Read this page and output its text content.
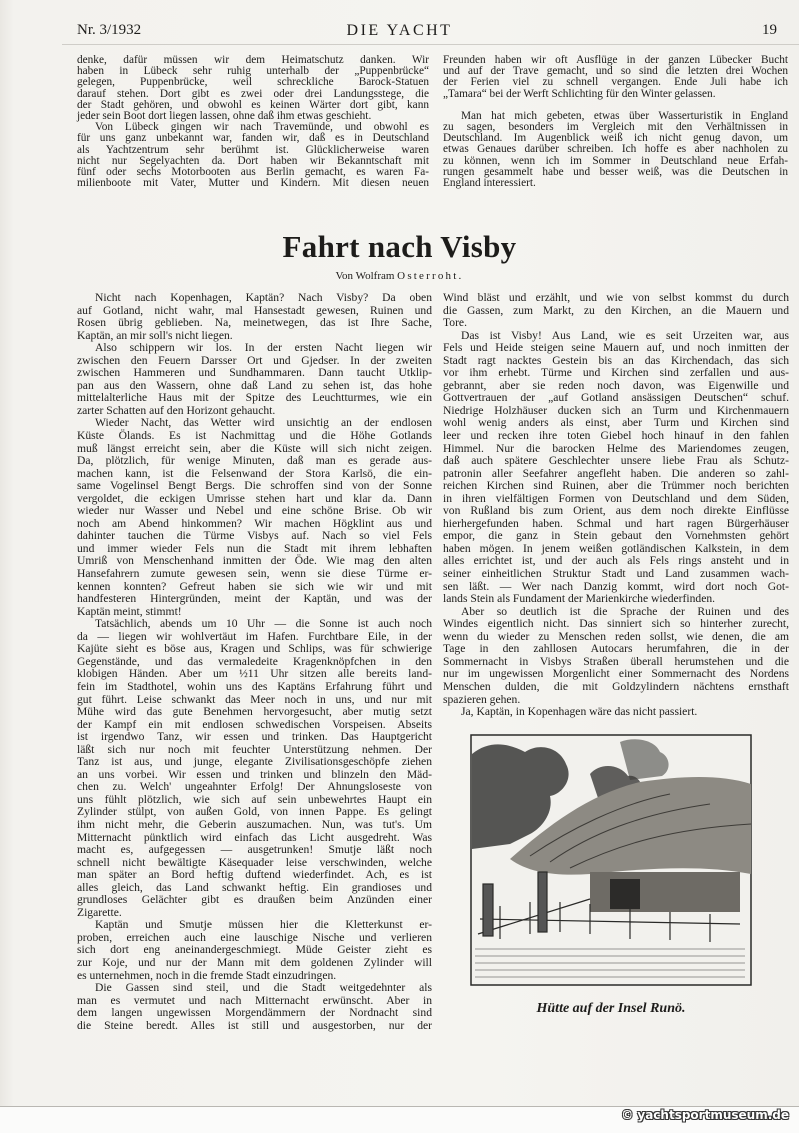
Nr. 3/1932	DIE YACHT	19

denke, dafür müssen wir dem Heimatschutz danken. Wir
haben in Lübeck sehr ruhig unterhalb der „Puppenbrücke“
gelegen, Puppenbrücke, weil schreckliche Barock-Statuen
darauf stehen. Dort gibt es zwei oder drei Landungsstege, die
der Stadt gehören, und obwohl es keinen Wärter dort gibt, kann
jeder sein Boot dort liegen lassen, ohne daß ihm etwas geschieht.

Von Lübeck gingen wir nach Travemünde, und obwohl es
für uns ganz unbekannt war, fanden wir, daß es in Deutschland
als Yachtzentrum sehr berühmt ist. Glücklicherweise waren
nicht nur Segelyachten da. Dort haben wir Bekanntschaft mit
fünf oder sechs Motorbooten aus Berlin gemacht, es waren Fa-
milienboote mit Vater, Mutter und Kindern. Mit diesen neuen

Freunden haben wir oft Ausflüge in der ganzen Lübecker Bucht
und auf der Trave gemacht, und so sind die letzten drei Wochen
der Ferien viel zu schnell vergangen. Ende Juli habe ich
„Tamara“ bei der Werft Schlichting für den Winter gelassen.

Man hat mich gebeten, etwas über Wasserturistik in England
zu sagen, besonders im Vergleich mit den Verhältnissen in
Deutschland. Im Augenblick weiß ich nicht genug davon, um
etwas Genaues darüber schreiben. Ich hoffe es aber nachholen zu
zu können, wenn ich im Sommer in Deutschland neue Erfah-
rungen gesammelt habe und besser weiß, was die Deutschen in
England interessiert.

Fahrt nach Visby
Von Wolfram Osterroht.

Nicht nach Kopenhagen, Kaptän? Nach Visby? Da oben
auf Gotland, nicht wahr, mal Hansestadt gewesen, Ruinen und
Rosen übrig geblieben. Na, meinetwegen, das ist Ihre Sache,
Kaptän, an mir soll's nicht liegen.

Also schippern wir los. In der ersten Nacht liegen wir
zwischen den Feuern Darsser Ort und Gjedser. In der zweiten
zwischen Hammeren und Sundhammaren. Dann taucht Utklip-
pan aus den Wassern, ohne daß Land zu sehen ist, das hohe
mittelalterliche Haus mit der Spitze des Leuchtturmes, wie ein
zarter Schatten auf den Horizont gehaucht.

Wieder Nacht, das Wetter wird unsichtig an der endlosen
Küste Ölands. Es ist Nachmittag und die Höhe Gotlands
muß längst erreicht sein, aber die Küste will sich nicht zeigen.
Da, plötzlich, für wenige Minuten, daß man es gerade aus-
machen kann, ist die Felsenwand der Stora Karlsö, die ein-
same Vogelinsel Bengt Bergs. Die schroffen sind von der Sonne
vergoldet, die eckigen Umrisse stehen hart und klar da. Dann
wieder nur Wasser und Nebel und eine schöne Brise. Ob wir
noch am Abend hinkommen? Wir machen Högklint aus und
dahinter tauchen die Türme Visbys auf. Nach so viel Fels
und immer wieder Fels nun die Stadt mit ihrem lebhaften
Umriß von Menschenhand inmitten der Öde. Wie mag den alten
Hansefahrern zumute gewesen sein, wenn sie diese Türme er-
kennen konnten? Gefreut haben sie sich wie wir und mit
handfesteren Hintergründen, meint der Kaptän, und was der
Kaptän meint, stimmt!

Tatsächlich, abends um 10 Uhr — die Sonne ist auch noch
da — liegen wir wohlvertäut im Hafen. Furchtbare Eile, in der
Kajüte sieht es böse aus, Kragen und Schlips, was für schwierige
Gegenstände, und das vermaledeite Kragenknöpfchen in den
klobigen Händen. Aber um ½11 Uhr sitzen alle bereits land-
fein im Stadthotel, wohin uns des Kaptäns Erfahrung führt und
gut führt. Leise schwankt das Meer noch in uns, und nur mit
Mühe wird das gute Benehmen hervorgesucht, aber mutig setzt
der Kampf ein mit endlosen schwedischen Vorspeisen. Abseits
ist irgendwo Tanz, wir essen und trinken. Das Hauptgericht
läßt sich nur noch mit feuchter Unterstützung nehmen. Der
Tanz ist aus, und junge, elegante Zivilisationsgeschöpfe ziehen
an uns vorbei. Wir essen und trinken und blinzeln den Mäd-
chen zu. Welch' ungeahnter Erfolg! Der Ahnungsloseste von
uns fühlt plötzlich, wie sich auf sein unbewehrtes Haupt ein
Zylinder stülpt, von außen Gold, von innen Pappe. Es gelingt
ihm nicht mehr, die Geberin auszumachen. Nun, was tut's. Um
Mitternacht pünktlich wird einfach das Licht ausgedreht. Was
macht es, aufgegessen — ausgetrunken! Smutje läßt noch
schnell nicht bewältigte Käsequader leise verschwinden, welche
man später an Bord heftig duftend wiederfindet. Ach, es ist
alles gleich, das Land schwankt heftig. Ein grandioses und
grundloses Gelächter gibt es draußen beim Anzünden einer
Zigarette.

Kaptän und Smutje müssen hier die Kletterkunst er-
proben, erreichen auch eine lauschige Nische und verlieren
sich dort eng aneinandergeschmiegt. Müde Geister zieht es
zur Koje, und nur der Mann mit dem goldenen Zylinder will
es unternehmen, noch in die fremde Stadt einzudringen.

Die Gassen sind steil, und die Stadt weitgedehnter als
man es vermutet und nach Mitternacht erwünscht. Aber in
dem langen ungewissen Morgendämmern der Nordnacht sind
die Steine beredt. Alles ist still und ausgestorben, nur der

Wind bläst und erzählt, und wie von selbst kommst du durch
die Gassen, zum Markt, zu den Kirchen, an die Mauern und
Tore.

Das ist Visby! Aus Land, wie es seit Urzeiten war, aus
Fels und Heide steigen seine Mauern auf, und noch inmitten der
Stadt ragt nacktes Gestein bis an das Kirchendach, das sich
vor ihm erhebt. Türme und Kirchen sind zerfallen und aus-
gebrannt, aber sie reden noch davon, was Eigenwille und
Gottvertrauen der „auf Gotland ansässigen Deutschen“ schuf.
Niedrige Holzhäuser ducken sich an Turm und Kirchenmauern
wohl wenig anders als einst, aber Turm und Kirchen sind
leer und recken ihre toten Giebel hoch hinauf in den fahlen
Himmel. Nur die barocken Helme des Mariendomes zeugen,
daß auch spätere Geschlechter unsere liebe Frau als Schutz-
patronin aller Seefahrer angefleht haben. Die anderen so zahl-
reichen Kirchen sind Ruinen, aber die Trümmer noch berichten
in ihren vielfältigen Formen von Deutschland und dem Süden,
von Rußland bis zum Orient, aus dem noch direkte Einflüsse
hierhergefunden haben. Schmal und hart ragen Bürgerhäuser
empor, die ganz in Stein gebaut den Vornehmsten gehört
haben mögen. In jenem weißen gotländischen Kalkstein, in dem
alles errichtet ist, und der auch als Fels rings ansteht und in
seiner einheitlichen Struktur Stadt und Land zusammen wach-
sen läßt. — Wer nach Danzig kommt, wird dort noch Got-
lands Stein als Fundament der Marienkirche wiederfinden.

Aber so deutlich ist die Sprache der Ruinen und des
Windes eigentlich nicht. Das sinniert sich so hinterher zurecht,
wenn du wieder zu Menschen reden sollst, wie denen, die am
Tage in den zahllosen Autocars herumfahren, die in der
Sommernacht in Visbys Straßen überall herumstehen und die
nur im ungewissen Morgenlicht einer Sommernacht des Nordens
Menschen dulden, die mit Goldzylindern nächtens ernsthaft
spazieren gehen.

Ja, Kaptän, in Kopenhagen wäre das nicht passiert.

Hütte auf der Insel Runö.
© yachtsportmuseum.de
